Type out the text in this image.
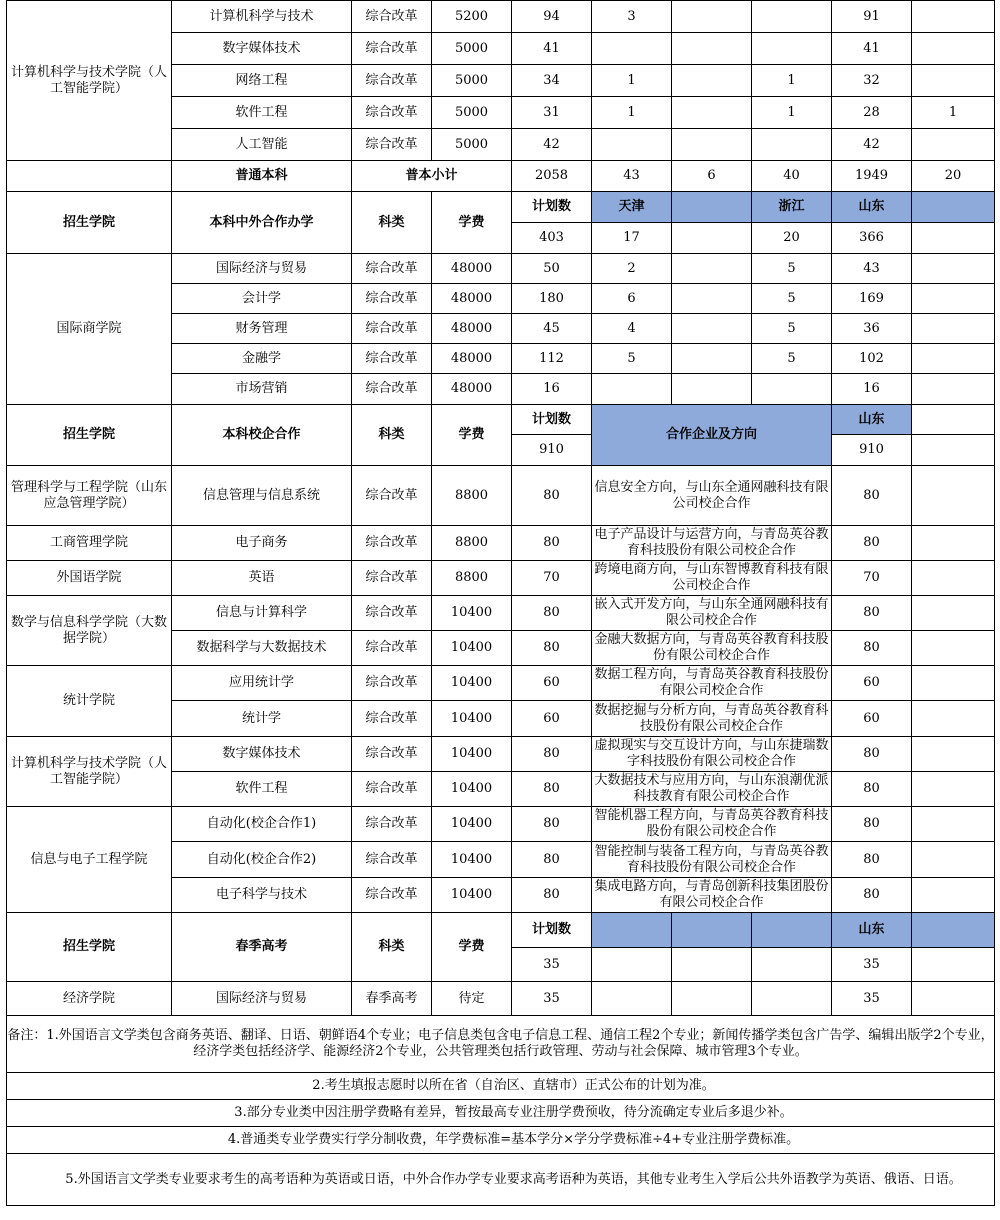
计算机科学与技术学院（人工智能学院）	计算机科学与技术	综合改革	5200	94	3			91	
	数字媒体技术	综合改革	5000	41				41	
	网络工程	综合改革	5000	34	1		1	32	
	软件工程	综合改革	5000	31	1		1	28	1
	人工智能	综合改革	5000	42				42	
	普通本科	普本小计		2058	43	6	40	1949	20
招生学院	本科中外合作办学	科类	学费	计划数	天津		浙江	山东	
				403	17		20	366	
国际商学院	国际经济与贸易	综合改革	48000	50	2		5	43	
	会计学	综合改革	48000	180	6		5	169	
	财务管理	综合改革	48000	45	4		5	36	
	金融学	综合改革	48000	112	5		5	102	
	市场营销	综合改革	48000	16				16	
招生学院	本科校企合作	科类	学费	计划数	合作企业及方向			山东	
				910				910	
管理科学与工程学院（山东应急管理学院）	信息管理与信息系统	综合改革	8800	80	信息安全方向，与山东全通网融科技有限公司校企合作			80	
工商管理学院	电子商务	综合改革	8800	80	电子产品设计与运营方向，与青岛英谷教育科技股份有限公司校企合作			80	
外国语学院	英语	综合改革	8800	70	跨境电商方向，与山东智博教育科技有限公司校企合作			70	
数学与信息科学学院（大数据学院）	信息与计算科学	综合改革	10400	80	嵌入式开发方向，与山东全通网融科技有限公司校企合作			80	
	数据科学与大数据技术	综合改革	10400	80	金融大数据方向，与青岛英谷教育科技股份有限公司校企合作			80	
统计学院	应用统计学	综合改革	10400	60	数据工程方向，与青岛英谷教育科技股份有限公司校企合作			60	
	统计学	综合改革	10400	60	数据挖掘与分析方向，与青岛英谷教育科技股份有限公司校企合作			60	
计算机科学与技术学院（人工智能学院）	数字媒体技术	综合改革	10400	80	虚拟现实与交互设计方向，与山东捷瑞数字科技股份有限公司校企合作			80	
	软件工程	综合改革	10400	80	大数据技术与应用方向，与山东浪潮优派科技教育有限公司校企合作			80	
信息与电子工程学院	自动化(校企合作1)	综合改革	10400	80	智能机器工程方向，与青岛英谷教育科技股份有限公司校企合作			80	
	自动化(校企合作2)	综合改革	10400	80	智能控制与装备工程方向，与青岛英谷教育科技股份有限公司校企合作			80	
	电子科学与技术	综合改革	10400	80	集成电路方向，与青岛创新科技集团股份有限公司校企合作			80	
招生学院	春季高考	科类	学费	计划数				山东	
				35				35	
经济学院	国际经济与贸易	春季高考	待定	35				35	
备注：1.外国语言文学类包含商务英语、翻译、日语、朝鲜语4个专业；电子信息类包含电子信息工程、通信工程2个专业；新闻传播学类包含广告学、编辑出版学2个专业，经济学类包括经济学、能源经济2个专业，公共管理类包括行政管理、劳动与社会保障、城市管理3个专业。									
2.考生填报志愿时以所在省（自治区、直辖市）正式公布的计划为准。									
3.部分专业类中因注册学费略有差异，暂按最高专业注册学费预收，待分流确定专业后多退少补。									
4.普通类专业学费实行学分制收费，年学费标准=基本学分×学分学费标准÷4+专业注册学费标准。									
5.外国语言文学类专业要求考生的高考语种为英语或日语，中外合作办学专业要求高考语种为英语，其他专业考生入学后公共外语教学为英语、俄语、日语。									
